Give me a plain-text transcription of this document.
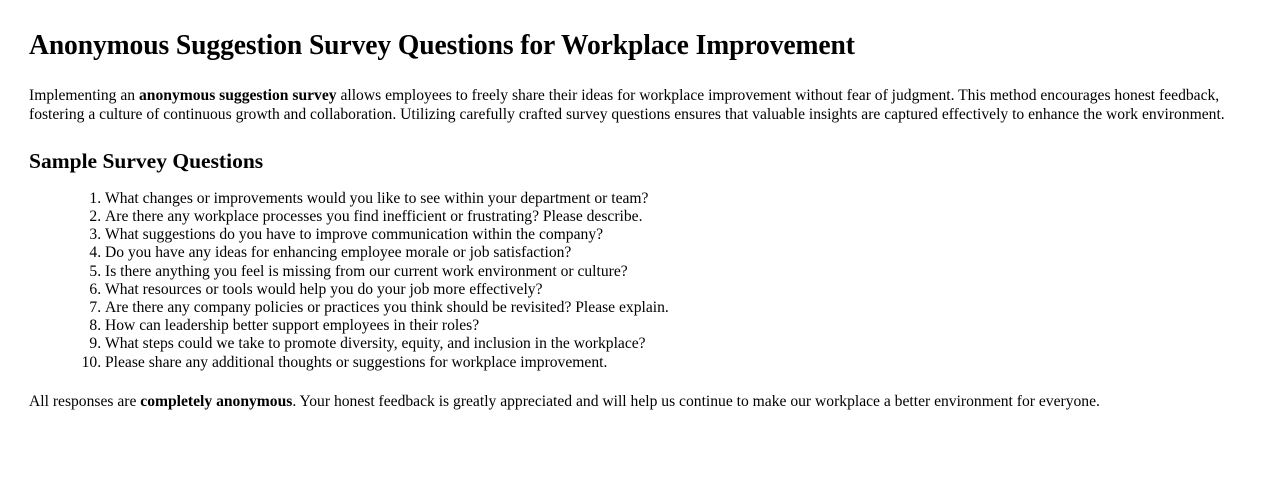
Anonymous Suggestion Survey Questions for Workplace Improvement

Implementing an anonymous suggestion survey allows employees to freely share their ideas for workplace improvement without fear of judgment. This method encourages honest feedback, fostering a culture of continuous growth and collaboration. Utilizing carefully crafted survey questions ensures that valuable insights are captured effectively to enhance the work environment.

Sample Survey Questions
1. What changes or improvements would you like to see within your department or team?
2. Are there any workplace processes you find inefficient or frustrating? Please describe.
3. What suggestions do you have to improve communication within the company?
4. Do you have any ideas for enhancing employee morale or job satisfaction?
5. Is there anything you feel is missing from our current work environment or culture?
6. What resources or tools would help you do your job more effectively?
7. Are there any company policies or practices you think should be revisited? Please explain.
8. How can leadership better support employees in their roles?
9. What steps could we take to promote diversity, equity, and inclusion in the workplace?
10. Please share any additional thoughts or suggestions for workplace improvement.

All responses are completely anonymous. Your honest feedback is greatly appreciated and will help us continue to make our workplace a better environment for everyone.
